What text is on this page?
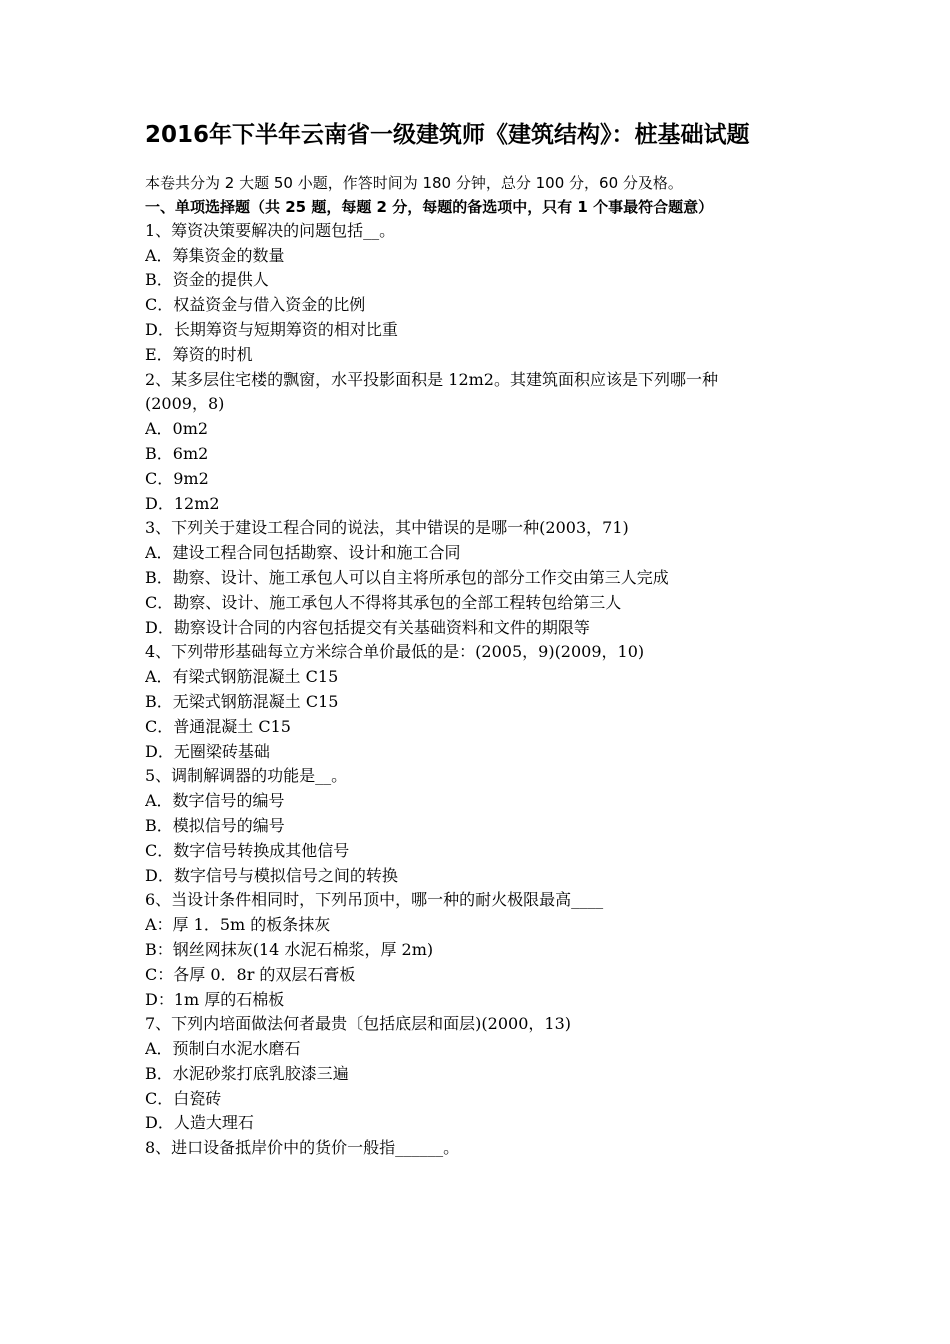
2016年下半年云南省一级建筑师《建筑结构》：桩基础试题
本卷共分为 2 大题 50 小题，作答时间为 180 分钟，总分 100 分，60 分及格。
一、单项选择题（共 25 题，每题 2 分，每题的备选项中，只有 1 个事最符合题意）
1、筹资决策要解决的问题包括__。
A．筹集资金的数量
B．资金的提供人
C．权益资金与借入资金的比例
D．长期筹资与短期筹资的相对比重
E．筹资的时机
2、某多层住宅楼的飘窗，水平投影面积是 12m2。其建筑面积应该是下列哪一种
(2009，8)
A．0m2
B．6m2
C．9m2
D．12m2
3、下列关于建设工程合同的说法，其中错误的是哪一种(2003，71)
A．建设工程合同包括勘察、设计和施工合同
B．勘察、设计、施工承包人可以自主将所承包的部分工作交由第三人完成
C．勘察、设计、施工承包人不得将其承包的全部工程转包给第三人
D．勘察设计合同的内容包括提交有关基础资料和文件的期限等
4、下列带形基础每立方米综合单价最低的是：(2005，9)(2009，10)
A．有梁式钢筋混凝土 C15
B．无梁式钢筋混凝土 C15
C．普通混凝土 C15
D．无圈梁砖基础
5、调制解调器的功能是__。
A．数字信号的编号
B．模拟信号的编号
C．数字信号转换成其他信号
D．数字信号与模拟信号之间的转换
6、当设计条件相同时，下列吊顶中，哪一种的耐火极限最高____
A：厚 1．5m 的板条抹灰
B：钢丝网抹灰(14 水泥石棉浆，厚 2m)
C：各厚 0．8r 的双层石膏板
D：1m 厚的石棉板
7、下列内培面做法何者最贵〔包括底层和面层)(2000，13)
A．预制白水泥水磨石
B．水泥砂浆打底乳胶漆三遍
C．白瓷砖
D．人造大理石
8、进口设备抵岸价中的货价一般指______。
